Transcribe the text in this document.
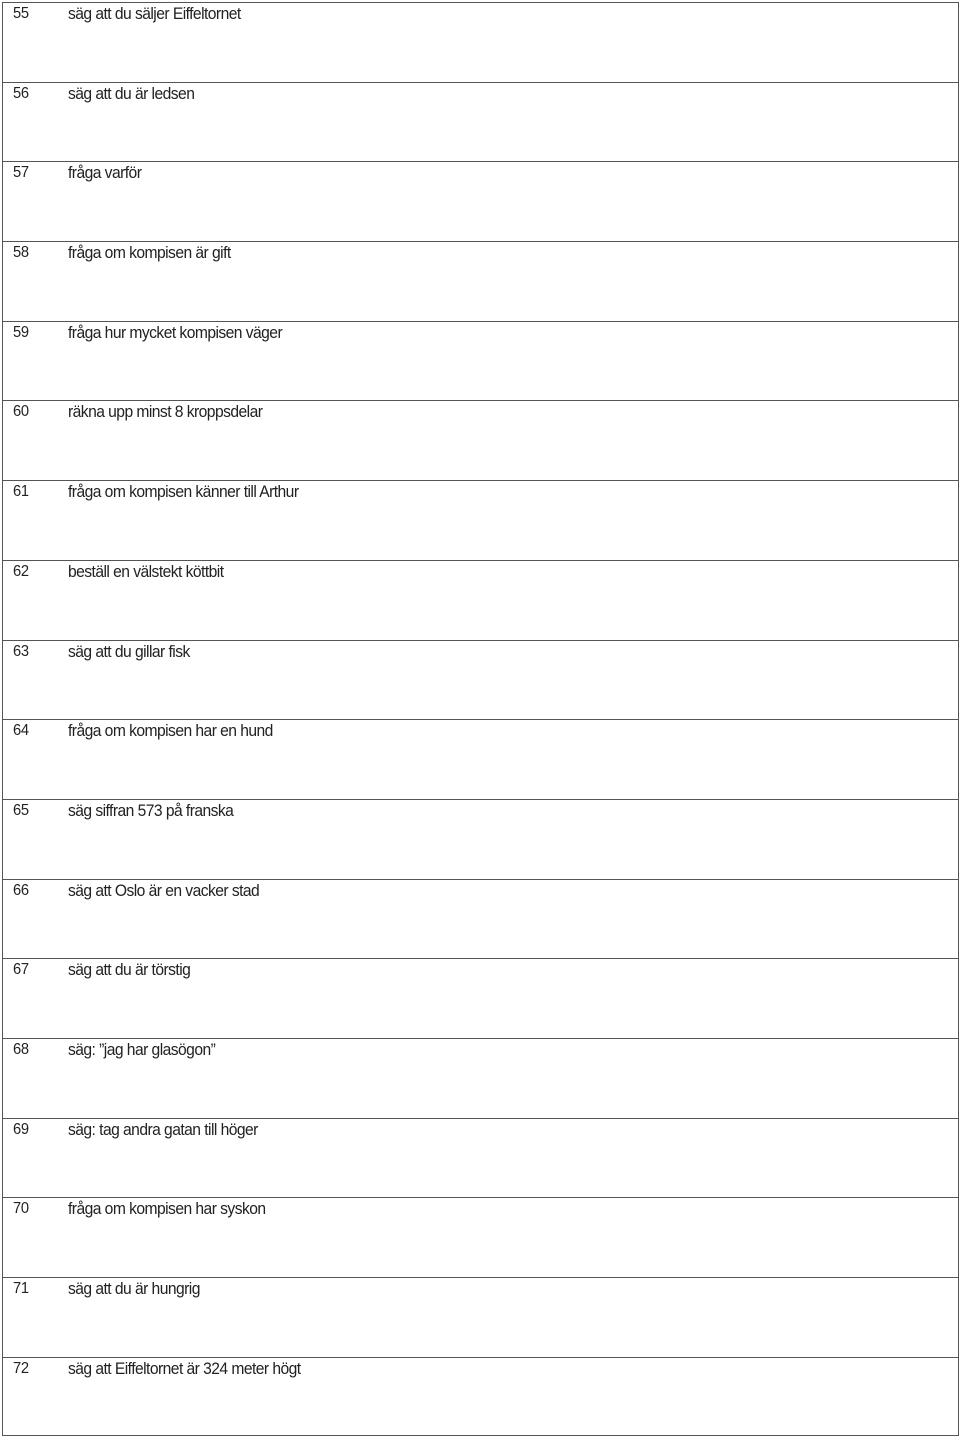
55 säg att du säljer Eiffeltornet
56 säg att du är ledsen
57 fråga varför
58 fråga om kompisen är gift
59 fråga hur mycket kompisen väger
60 räkna upp minst 8 kroppsdelar
61 fråga om kompisen känner till Arthur
62 beställ en välstekt köttbit
63 säg att du gillar fisk
64 fråga om kompisen har en hund
65 säg siffran 573 på franska
66 säg att Oslo är en vacker stad
67 säg att du är törstig
68 säg: ”jag har glasögon”
69 säg: tag andra gatan till höger
70 fråga om kompisen har syskon
71 säg att du är hungrig
72 säg att Eiffeltornet är 324 meter högt
